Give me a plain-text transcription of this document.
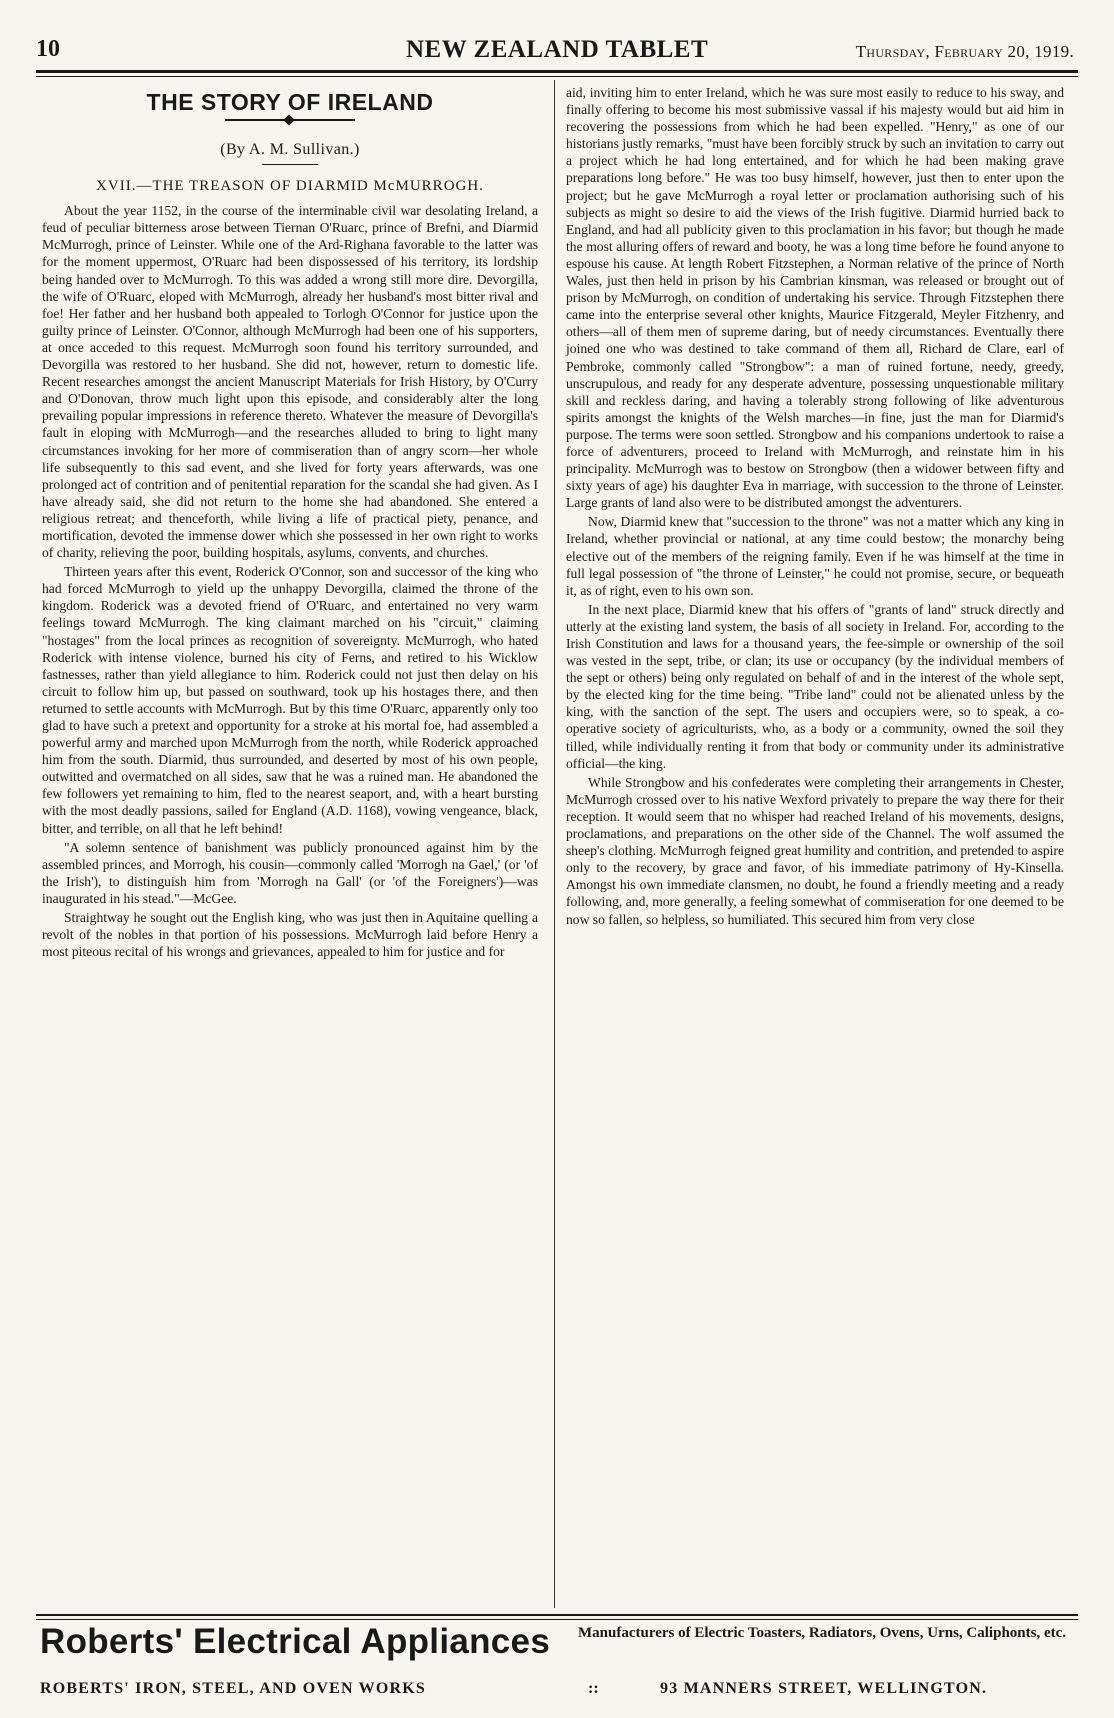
10	NEW ZEALAND TABLET	Thursday, February 20, 1919.
THE STORY OF IRELAND
(By A. M. Sullivan.)
XVII.—THE TREASON OF DIARMID McMURROGH.

About the year 1152, in the course of the interminable civil war desolating Ireland, a feud of peculiar bitterness arose between Tiernan O'Ruarc, prince of Brefni, and Diarmid McMurrogh, prince of Leinster. While one of the Ard-Righana favorable to the latter was for the moment uppermost, O'Ruarc had been dispossessed of his territory, its lordship being handed over to McMurrogh. To this was added a wrong still more dire. Devorgilla, the wife of O'Ruarc, eloped with McMurrogh, already her husband's most bitter rival and foe! Her father and her husband both appealed to Torlogh O'Connor for justice upon the guilty prince of Leinster. O'Connor, although McMurrogh had been one of his supporters, at once acceded to this request. McMurrogh soon found his territory surrounded, and Devorgilla was restored to her husband. She did not, however, return to domestic life. Recent researches amongst the ancient Manuscript Materials for Irish History, by O'Curry and O'Donovan, throw much light upon this episode, and considerably alter the long prevailing popular impressions in reference thereto. Whatever the measure of Devorgilla's fault in eloping with McMurrogh—and the researches alluded to bring to light many circumstances invoking for her more of commiseration than of angry scorn—her whole life subsequently to this sad event, and she lived for forty years afterwards, was one prolonged act of contrition and of penitential reparation for the scandal she had given. As I have already said, she did not return to the home she had abandoned. She entered a religious retreat; and thenceforth, while living a life of practical piety, penance, and mortification, devoted the immense dower which she possessed in her own right to works of charity, relieving the poor, building hospitals, asylums, convents, and churches.

Thirteen years after this event, Roderick O'Connor, son and successor of the king who had forced McMurrogh to yield up the unhappy Devorgilla, claimed the throne of the kingdom. Roderick was a devoted friend of O'Ruarc, and entertained no very warm feelings toward McMurrogh. The king claimant marched on his "circuit," claiming "hostages" from the local princes as recognition of sovereignty. McMurrogh, who hated Roderick with intense violence, burned his city of Ferns, and retired to his Wicklow fastnesses, rather than yield allegiance to him. Roderick could not just then delay on his circuit to follow him up, but passed on southward, took up his hostages there, and then returned to settle accounts with McMurrogh. But by this time O'Ruarc, apparently only too glad to have such a pretext and opportunity for a stroke at his mortal foe, had assembled a powerful army and marched upon McMurrogh from the north, while Roderick approached him from the south. Diarmid, thus surrounded, and deserted by most of his own people, outwitted and overmatched on all sides, saw that he was a ruined man. He abandoned the few followers yet remaining to him, fled to the nearest seaport, and, with a heart bursting with the most deadly passions, sailed for England (A.D. 1168), vowing vengeance, black, bitter, and terrible, on all that he left behind!

"A solemn sentence of banishment was publicly pronounced against him by the assembled princes, and Morrogh, his cousin—commonly called 'Morrogh na Gael,' (or 'of the Irish'), to distinguish him from 'Morrogh na Gall' (or 'of the Foreigners')—was inaugurated in his stead."—McGee.

Straightway he sought out the English king, who was just then in Aquitaine quelling a revolt of the nobles in that portion of his possessions. McMurrogh laid before Henry a most piteous recital of his wrongs and grievances, appealed to him for justice and for

aid, inviting him to enter Ireland, which he was sure most easily to reduce to his sway, and finally offering to become his most submissive vassal if his majesty would but aid him in recovering the possessions from which he had been expelled. "Henry," as one of our historians justly remarks, "must have been forcibly struck by such an invitation to carry out a project which he had long entertained, and for which he had been making grave preparations long before." He was too busy himself, however, just then to enter upon the project; but he gave McMurrogh a royal letter or proclamation authorising such of his subjects as might so desire to aid the views of the Irish fugitive. Diarmid hurried back to England, and had all publicity given to this proclamation in his favor; but though he made the most alluring offers of reward and booty, he was a long time before he found anyone to espouse his cause. At length Robert Fitzstephen, a Norman relative of the prince of North Wales, just then held in prison by his Cambrian kinsman, was released or brought out of prison by McMurrogh, on condition of undertaking his service. Through Fitzstephen there came into the enterprise several other knights, Maurice Fitzgerald, Meyler Fitzhenry, and others—all of them men of supreme daring, but of needy circumstances. Eventually there joined one who was destined to take command of them all, Richard de Clare, earl of Pembroke, commonly called "Strongbow": a man of ruined fortune, needy, greedy, unscrupulous, and ready for any desperate adventure, possessing unquestionable military skill and reckless daring, and having a tolerably strong following of like adventurous spirits amongst the knights of the Welsh marches—in fine, just the man for Diarmid's purpose. The terms were soon settled. Strongbow and his companions undertook to raise a force of adventurers, proceed to Ireland with McMurrogh, and reinstate him in his principality. McMurrogh was to bestow on Strongbow (then a widower between fifty and sixty years of age) his daughter Eva in marriage, with succession to the throne of Leinster. Large grants of land also were to be distributed amongst the adventurers.

Now, Diarmid knew that "succession to the throne" was not a matter which any king in Ireland, whether provincial or national, at any time could bestow; the monarchy being elective out of the members of the reigning family. Even if he was himself at the time in full legal possession of "the throne of Leinster," he could not promise, secure, or bequeath it, as of right, even to his own son.

In the next place, Diarmid knew that his offers of "grants of land" struck directly and utterly at the existing land system, the basis of all society in Ireland. For, according to the Irish Constitution and laws for a thousand years, the fee-simple or ownership of the soil was vested in the sept, tribe, or clan; its use or occupancy (by the individual members of the sept or others) being only regulated on behalf of and in the interest of the whole sept, by the elected king for the time being. "Tribe land" could not be alienated unless by the king, with the sanction of the sept. The users and occupiers were, so to speak, a co-operative society of agriculturists, who, as a body or a community, owned the soil they tilled, while individually renting it from that body or community under its administrative official—the king.

While Strongbow and his confederates were completing their arrangements in Chester, McMurrogh crossed over to his native Wexford privately to prepare the way there for their reception. It would seem that no whisper had reached Ireland of his movements, designs, proclamations, and preparations on the other side of the Channel. The wolf assumed the sheep's clothing. McMurrogh feigned great humility and contrition, and pretended to aspire only to the recovery, by grace and favor, of his immediate patrimony of Hy-Kinsella. Amongst his own immediate clansmen, no doubt, he found a friendly meeting and a ready following, and, more generally, a feeling somewhat of commiseration for one deemed to be now so fallen, so helpless, so humiliated. This secured him from very close

Roberts' Electrical Appliances Manufacturers of Electric Toasters, Radiators, Ovens, Urns, Caliphonts, etc.
ROBERTS' IRON, STEEL, AND OVEN WORKS	::	93 MANNERS STREET, WELLINGTON.
